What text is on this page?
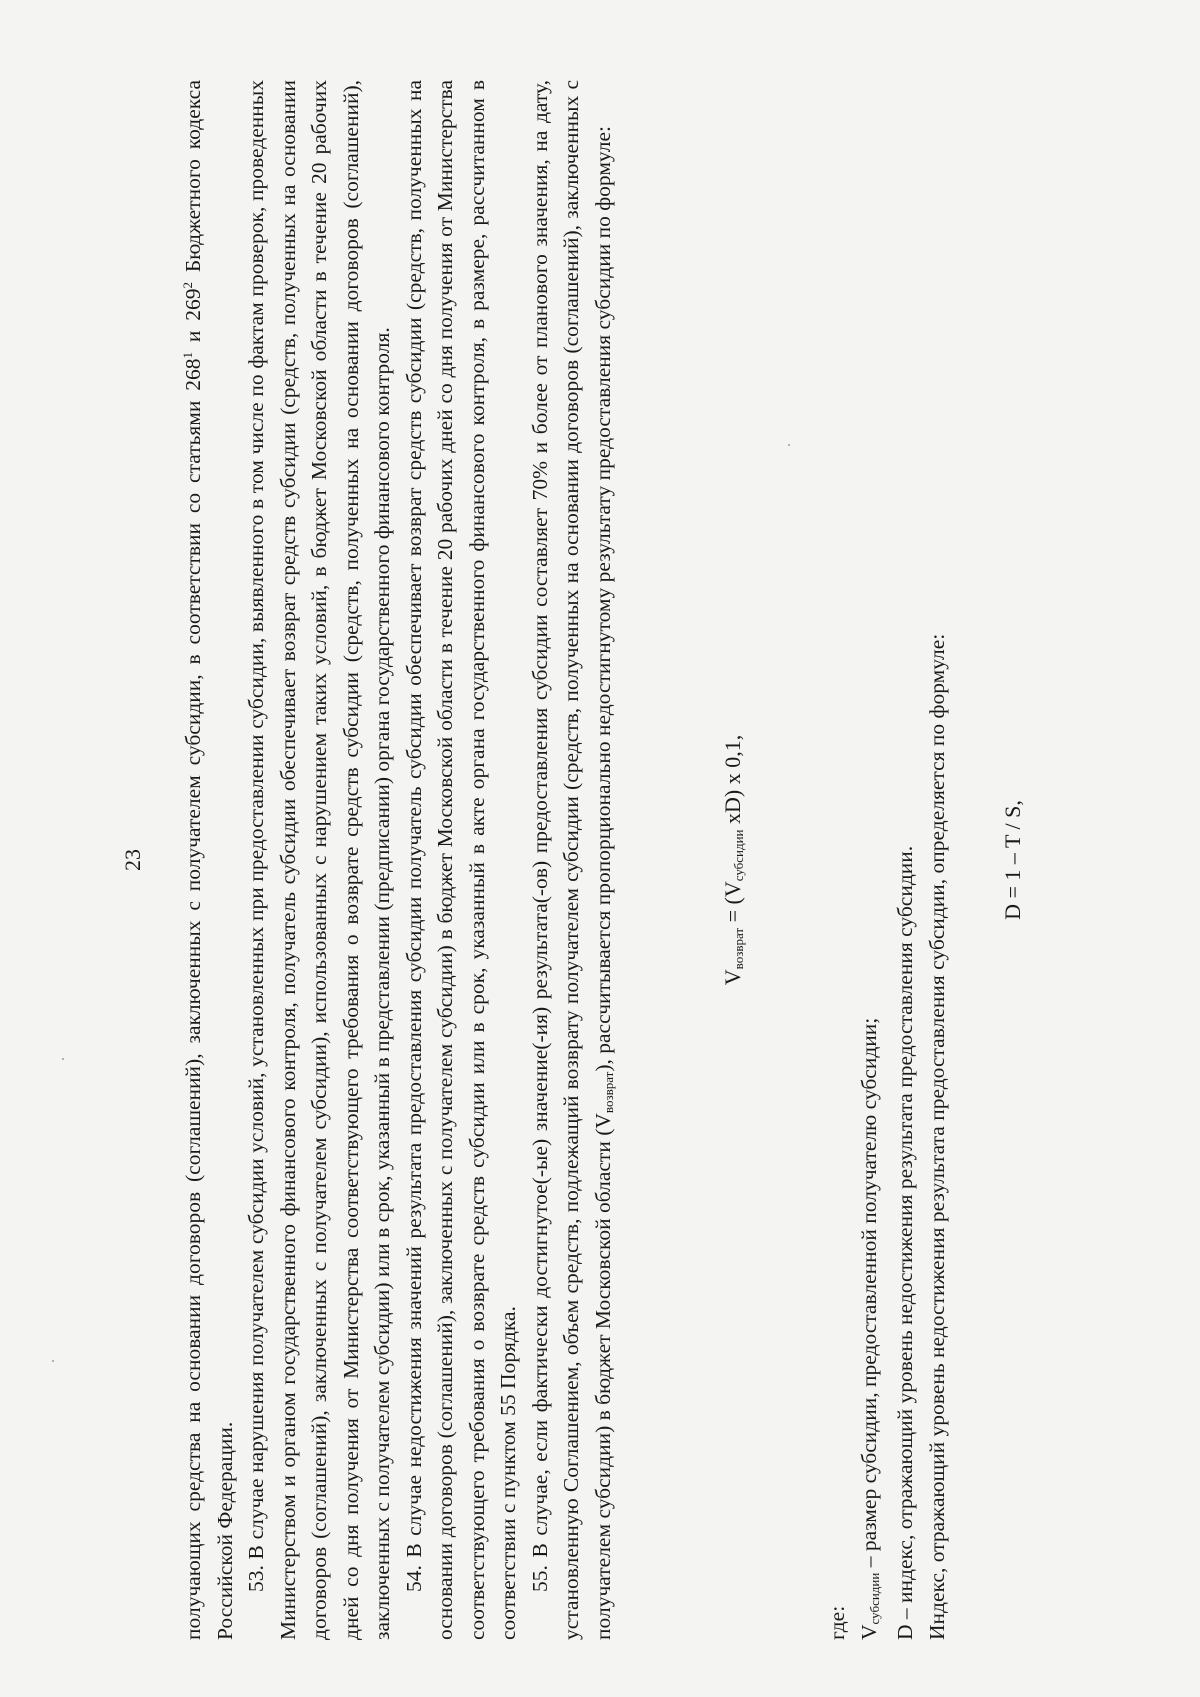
23	получающих средства на основании договоров (соглашений), заключенных с получателем субсидии, в соответствии со статьями $268^1$ и $269^2$ Бюджетного кодекса Российской Федерации. 53. В случае нарушения получателем субсидии условий, установленных при предоставлении субсидии, выявленного в том числе по фактам проверок, проведенных Министерством и органом государственного финансового контроля, получатель субсидии обеспечивает возврат средств субсидии (средств, полученных на основании договоров (соглашений), заключенных с получателем субсидии), использованных с нарушением таких условий, в бюджет Московской области в течение 20 рабочих дней со дня получения от Министерства соответствующего требования о возврате средств субсидии (средств, полученных на основании договоров (соглашений), заключенных с получателем субсидии) или в срок, указанный в представлении (предписании) органа государственного финансового контроля. 54. В случае недостижения значений результата предоставления субсидии получатель субсидии обеспечивает возврат средств субсидии (средств, полученных на основании договоров (соглашений), заключенных с получателем субсидии) в бюджет Московской области в течение 20 рабочих дней со дня получения от Министерства соответствующего требования о возврате средств субсидии или в срок, указанный в акте органа государственного финансового контроля, в размере, рассчитанном в соответствии с пунктом 55 Порядка. 55. В случае, если фактически достигнутое(-ые) значение(-ия) результата(-ов) предоставления субсидии составляет 70% и более от планового значения, на дату, установленную Соглашением, объем средств, подлежащий возврату получателем субсидии (средств, полученных на основании договоров (соглашений), заключенных с получателем субсидии) в бюджет Московской области $(V_{возврат})$, рассчитывается пропорционально недостигнутому результату предоставления субсидии по формуле:	$V_{возврат} = (V_{субсидии}$ xD) x 0,1,

где: $V_{субсидии}$ – размер субсидии, предоставленной получателю субсидии; D – индекс, отражающий уровень недостижения результата предоставления субсидии. Индекс, отражающий уровень недостижения результата предоставления субсидии, определяется по формуле: D = 1 – T / S,
